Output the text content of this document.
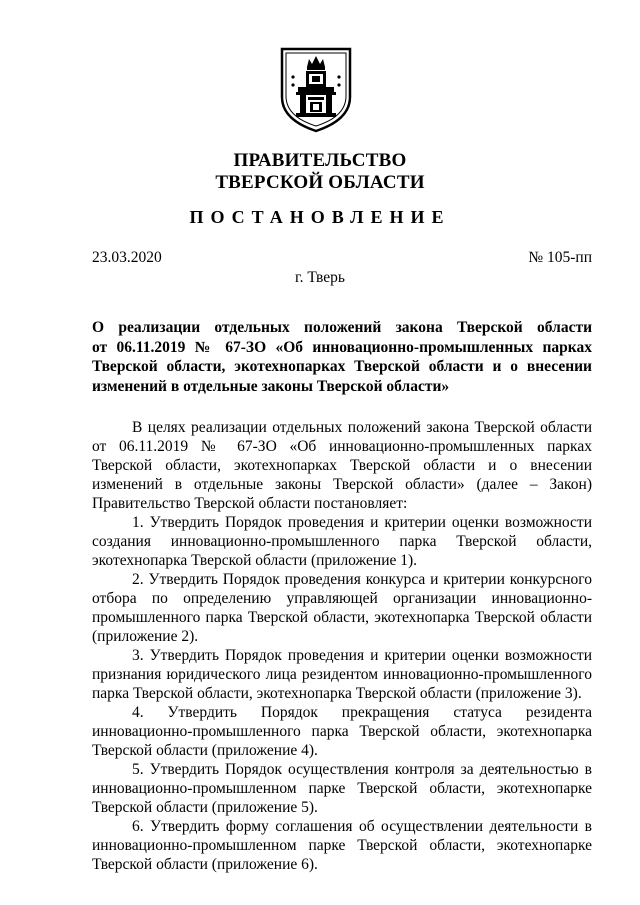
ПРАВИТЕЛЬСТВО
ТВЕРСКОЙ ОБЛАСТИ
ПОСТАНОВЛЕНИЕ
23.03.2020	№ 105-пп
г. Тверь
О реализации отдельных положений закона Тверской области
от 06.11.2019 № 67-ЗО «Об инновационно-промышленных парках
Тверской области, экотехнопарках Тверской области и о внесении
изменений в отдельные законы Тверской области»

В целях реализации отдельных положений закона Тверской области от 06.11.2019 № 67-ЗО «Об инновационно-промышленных парках Тверской области, экотехнопарках Тверской области и о внесении изменений в отдельные законы Тверской области» (далее – Закон) Правительство Тверской области постановляет:

1. Утвердить Порядок проведения и критерии оценки возможности создания инновационно-промышленного парка Тверской области, экотехнопарка Тверской области (приложение 1).

2. Утвердить Порядок проведения конкурса и критерии конкурсного отбора по определению управляющей организации инновационно-промышленного парка Тверской области, экотехнопарка Тверской области (приложение 2).

3. Утвердить Порядок проведения и критерии оценки возможности признания юридического лица резидентом инновационно-промышленного парка Тверской области, экотехнопарка Тверской области (приложение 3).

4. Утвердить Порядок прекращения статуса резидента инновационно-промышленного парка Тверской области, экотехнопарка Тверской области (приложение 4).

5. Утвердить Порядок осуществления контроля за деятельностью в инновационно-промышленном парке Тверской области, экотехнопарке Тверской области (приложение 5).

6. Утвердить форму соглашения об осуществлении деятельности в инновационно-промышленном парке Тверской области, экотехнопарке Тверской области (приложение 6).
